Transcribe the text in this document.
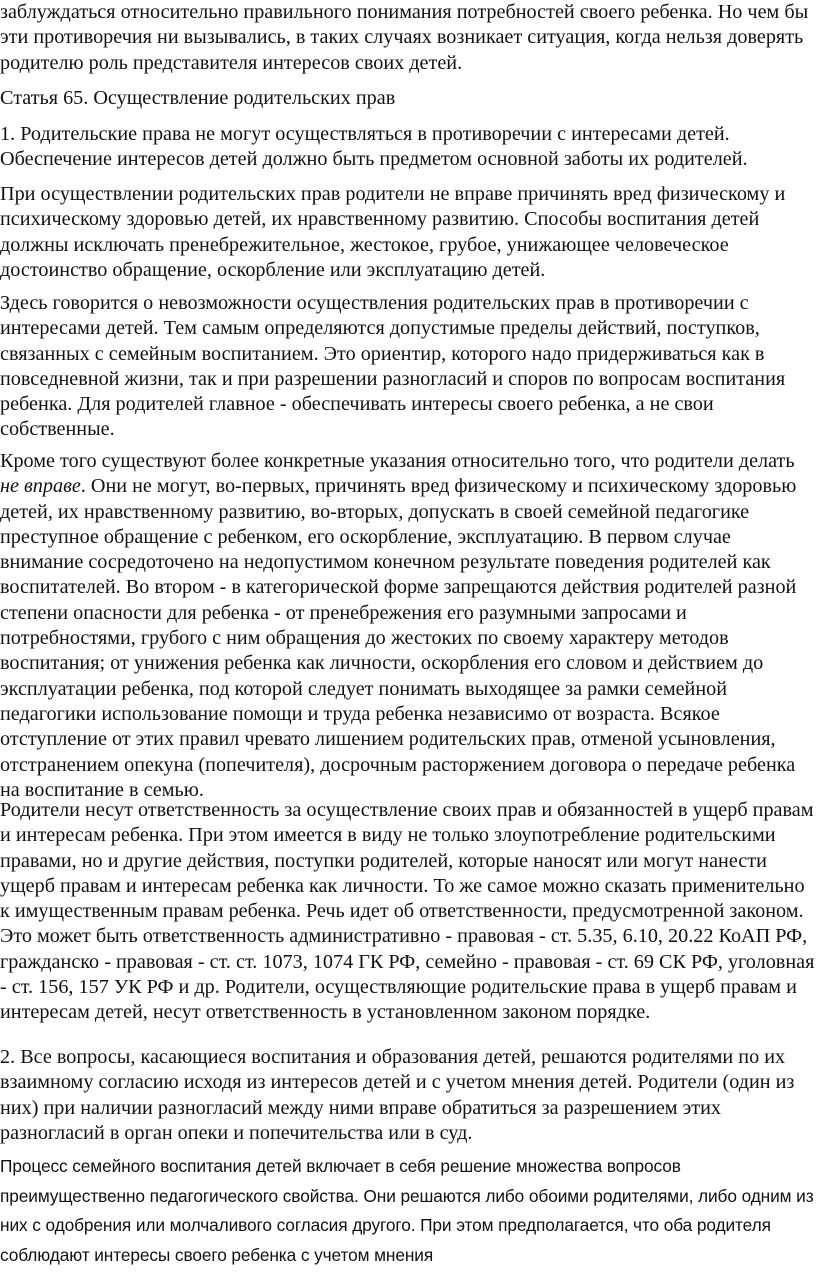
заблуждаться относительно правильного понимания потребностей своего ребенка. Но чем бы эти противоречия ни вызывались, в таких случаях возникает ситуация, когда нельзя доверять родителю роль представителя интересов своих детей.

Статья 65. Осуществление родительских прав

1. Родительские права не могут осуществляться в противоречии с интересами детей. Обеспечение интересов детей должно быть предметом основной заботы их родителей.

При осуществлении родительских прав родители не вправе причинять вред физическому и психическому здоровью детей, их нравственному развитию. Способы воспитания детей должны исключать пренебрежительное, жестокое, грубое, унижающее человеческое достоинство обращение, оскорбление или эксплуатацию детей.

Здесь говорится о невозможности осуществления родительских прав в противоречии с интересами детей. Тем самым определяются допустимые пределы действий, поступков, связанных с семейным воспитанием. Это ориентир, которого надо придерживаться как в повседневной жизни, так и при разрешении разногласий и споров по вопросам воспитания ребенка. Для родителей главное - обеспечивать интересы своего ребенка, а не свои собственные.

Кроме того существуют более конкретные указания относительно того, что родители делать не вправе. Они не могут, во-первых, причинять вред физическому и психическому здоровью детей, их нравственному развитию, во-вторых, допускать в своей семейной педагогике преступное обращение с ребенком, его оскорбление, эксплуатацию. В первом случае внимание сосредоточено на недопустимом конечном результате поведения родителей как воспитателей. Во втором - в категорической форме запрещаются действия родителей разной степени опасности для ребенка - от пренебрежения его разумными запросами и потребностями, грубого с ним обращения до жестоких по своему характеру методов воспитания; от унижения ребенка как личности, оскорбления его словом и действием до эксплуатации ребенка, под которой следует понимать выходящее за рамки семейной педагогики использование помощи и труда ребенка независимо от возраста. Всякое отступление от этих правил чревато лишением родительских прав, отменой усыновления, отстранением опекуна (попечителя), досрочным расторжением договора о передаче ребенка на воспитание в семью.

Родители несут ответственность за осуществление своих прав и обязанностей в ущерб правам и интересам ребенка. При этом имеется в виду не только злоупотребление родительскими правами, но и другие действия, поступки родителей, которые наносят или могут нанести ущерб правам и интересам ребенка как личности. То же самое можно сказать применительно к имущественным правам ребенка. Речь идет об ответственности, предусмотренной законом. Это может быть ответственность административно - правовая - ст. 5.35, 6.10, 20.22 КоАП РФ, гражданско - правовая - ст. ст. 1073, 1074 ГК РФ, семейно - правовая - ст. 69 СК РФ, уголовная - ст. 156, 157 УК РФ и др. Родители, осуществляющие родительские права в ущерб правам и интересам детей, несут ответственность в установленном законом порядке.

2. Все вопросы, касающиеся воспитания и образования детей, решаются родителями по их взаимному согласию исходя из интересов детей и с учетом мнения детей. Родители (один из них) при наличии разногласий между ними вправе обратиться за разрешением этих разногласий в орган опеки и попечительства или в суд.

Процесс семейного воспитания детей включает в себя решение множества вопросов преимущественно педагогического свойства. Они решаются либо обоими родителями, либо одним из них с одобрения или молчаливого согласия другого. При этом предполагается, что оба родителя соблюдают интересы своего ребенка с учетом мнения
